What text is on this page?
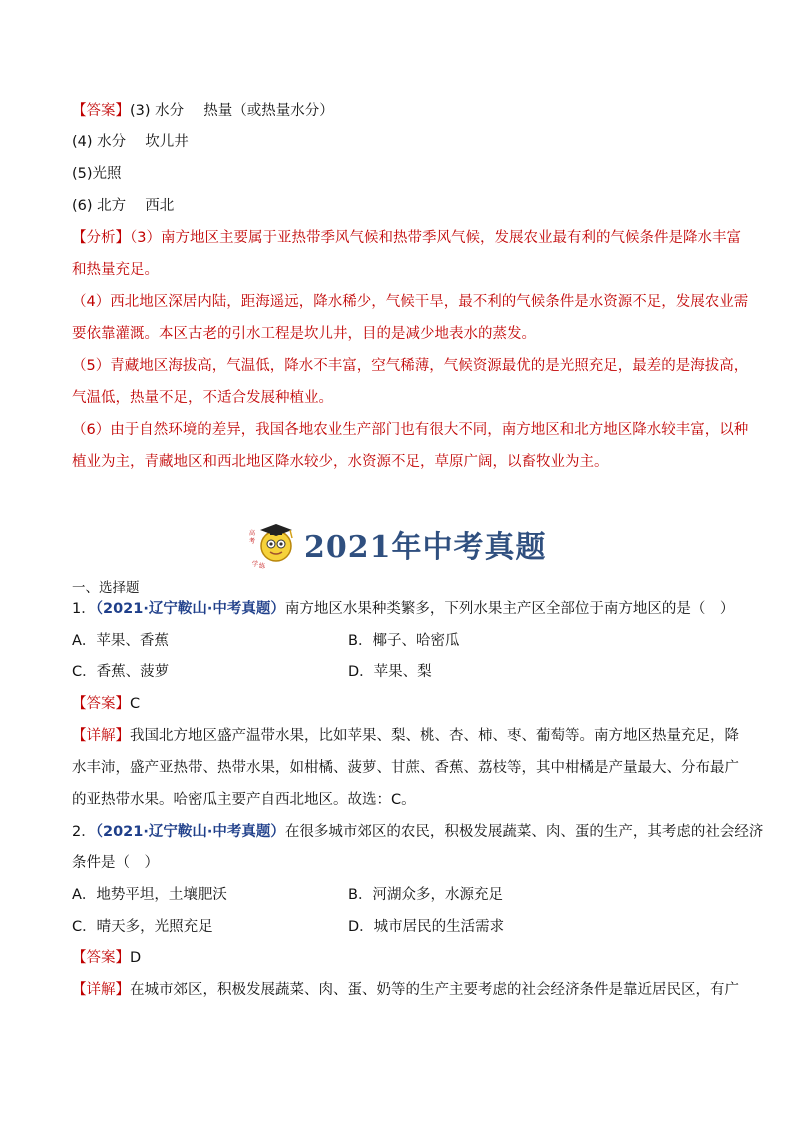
【答案】(3) 水分　 热量（或热量水分）
(4) 水分　 坎儿井
(5)光照
(6) 北方　 西北
【分析】（3）南方地区主要属于亚热带季风气候和热带季风气候，发展农业最有利的气候条件是降水丰富
和热量充足。
（4）西北地区深居内陆，距海遥远，降水稀少，气候干旱，最不利的气候条件是水资源不足，发展农业需
要依靠灌溉。本区古老的引水工程是坎儿井，目的是减少地表水的蒸发。
（5）青藏地区海拔高，气温低，降水不丰富，空气稀薄，气候资源最优的是光照充足，最差的是海拔高，
气温低，热量不足，不适合发展种植业。
（6）由于自然环境的差异，我国各地农业生产部门也有很大不同，南方地区和北方地区降水较丰富，以种
植业为主，青藏地区和西北地区降水较少，水资源不足，草原广阔，以畜牧业为主。
高
考
学 练
2021年中考真题
一、选择题
1．（2021·辽宁鞍山·中考真题）南方地区水果种类繁多，下列水果主产区全部位于南方地区的是（　）
A．苹果、香蕉	B．椰子、哈密瓜
C．香蕉、菠萝	D．苹果、梨
【答案】C
【详解】我国北方地区盛产温带水果，比如苹果、梨、桃、杏、柿、枣、葡萄等。南方地区热量充足，降
水丰沛，盛产亚热带、热带水果，如柑橘、菠萝、甘蔗、香蕉、荔枝等，其中柑橘是产量最大、分布最广
的亚热带水果。哈密瓜主要产自西北地区。故选：C。
2．（2021·辽宁鞍山·中考真题）在很多城市郊区的农民，积极发展蔬菜、肉、蛋的生产，其考虑的社会经济
条件是（　）
A．地势平坦，土壤肥沃	B．河湖众多，水源充足
C．晴天多，光照充足	D．城市居民的生活需求
【答案】D
【详解】在城市郊区，积极发展蔬菜、肉、蛋、奶等的生产主要考虑的社会经济条件是靠近居民区，有广
